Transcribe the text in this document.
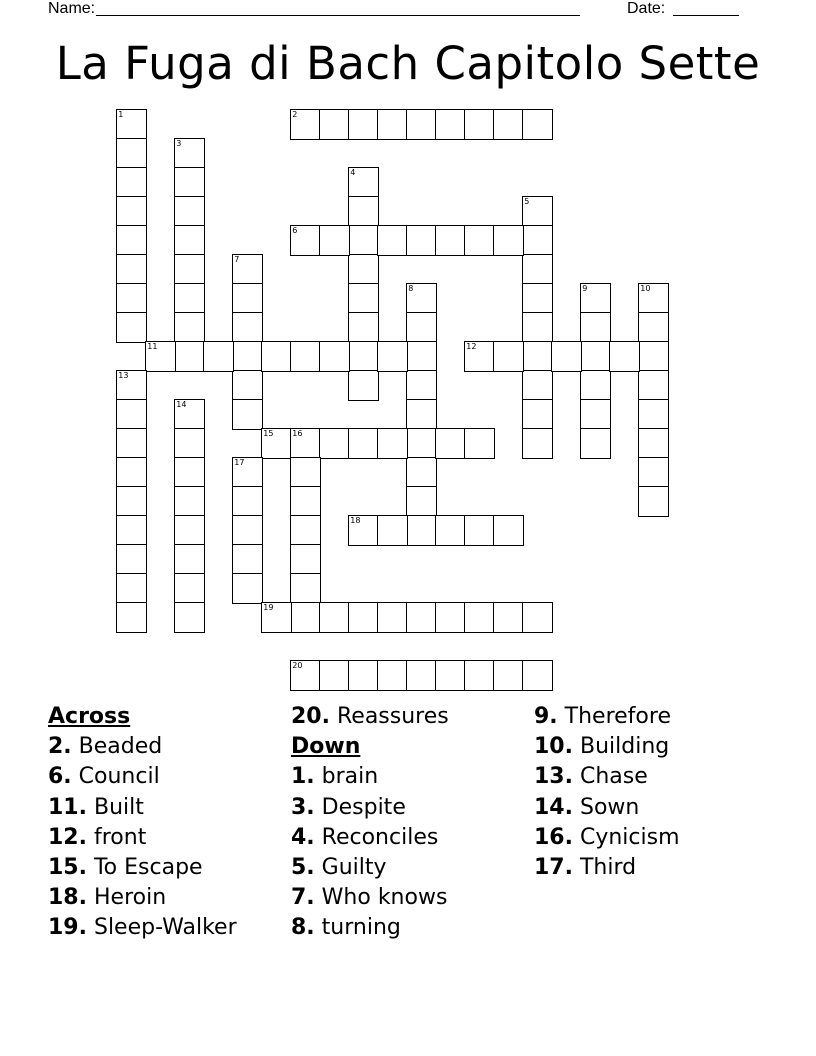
Name:	Date:
La Fuga di Bach Capitolo Sette
1	2
3
4
5
6
7
8	9	10
11	12
13
14
15 16
17
18
19
20
Across
2. Beaded
6. Council
11. Built
12. front
15. To Escape
18. Heroin
19. Sleep-Walker
20. Reassures
Down
1. brain
3. Despite
4. Reconciles
5. Guilty
7. Who knows
8. turning
9. Therefore
10. Building
13. Chase
14. Sown
16. Cynicism
17. Third
